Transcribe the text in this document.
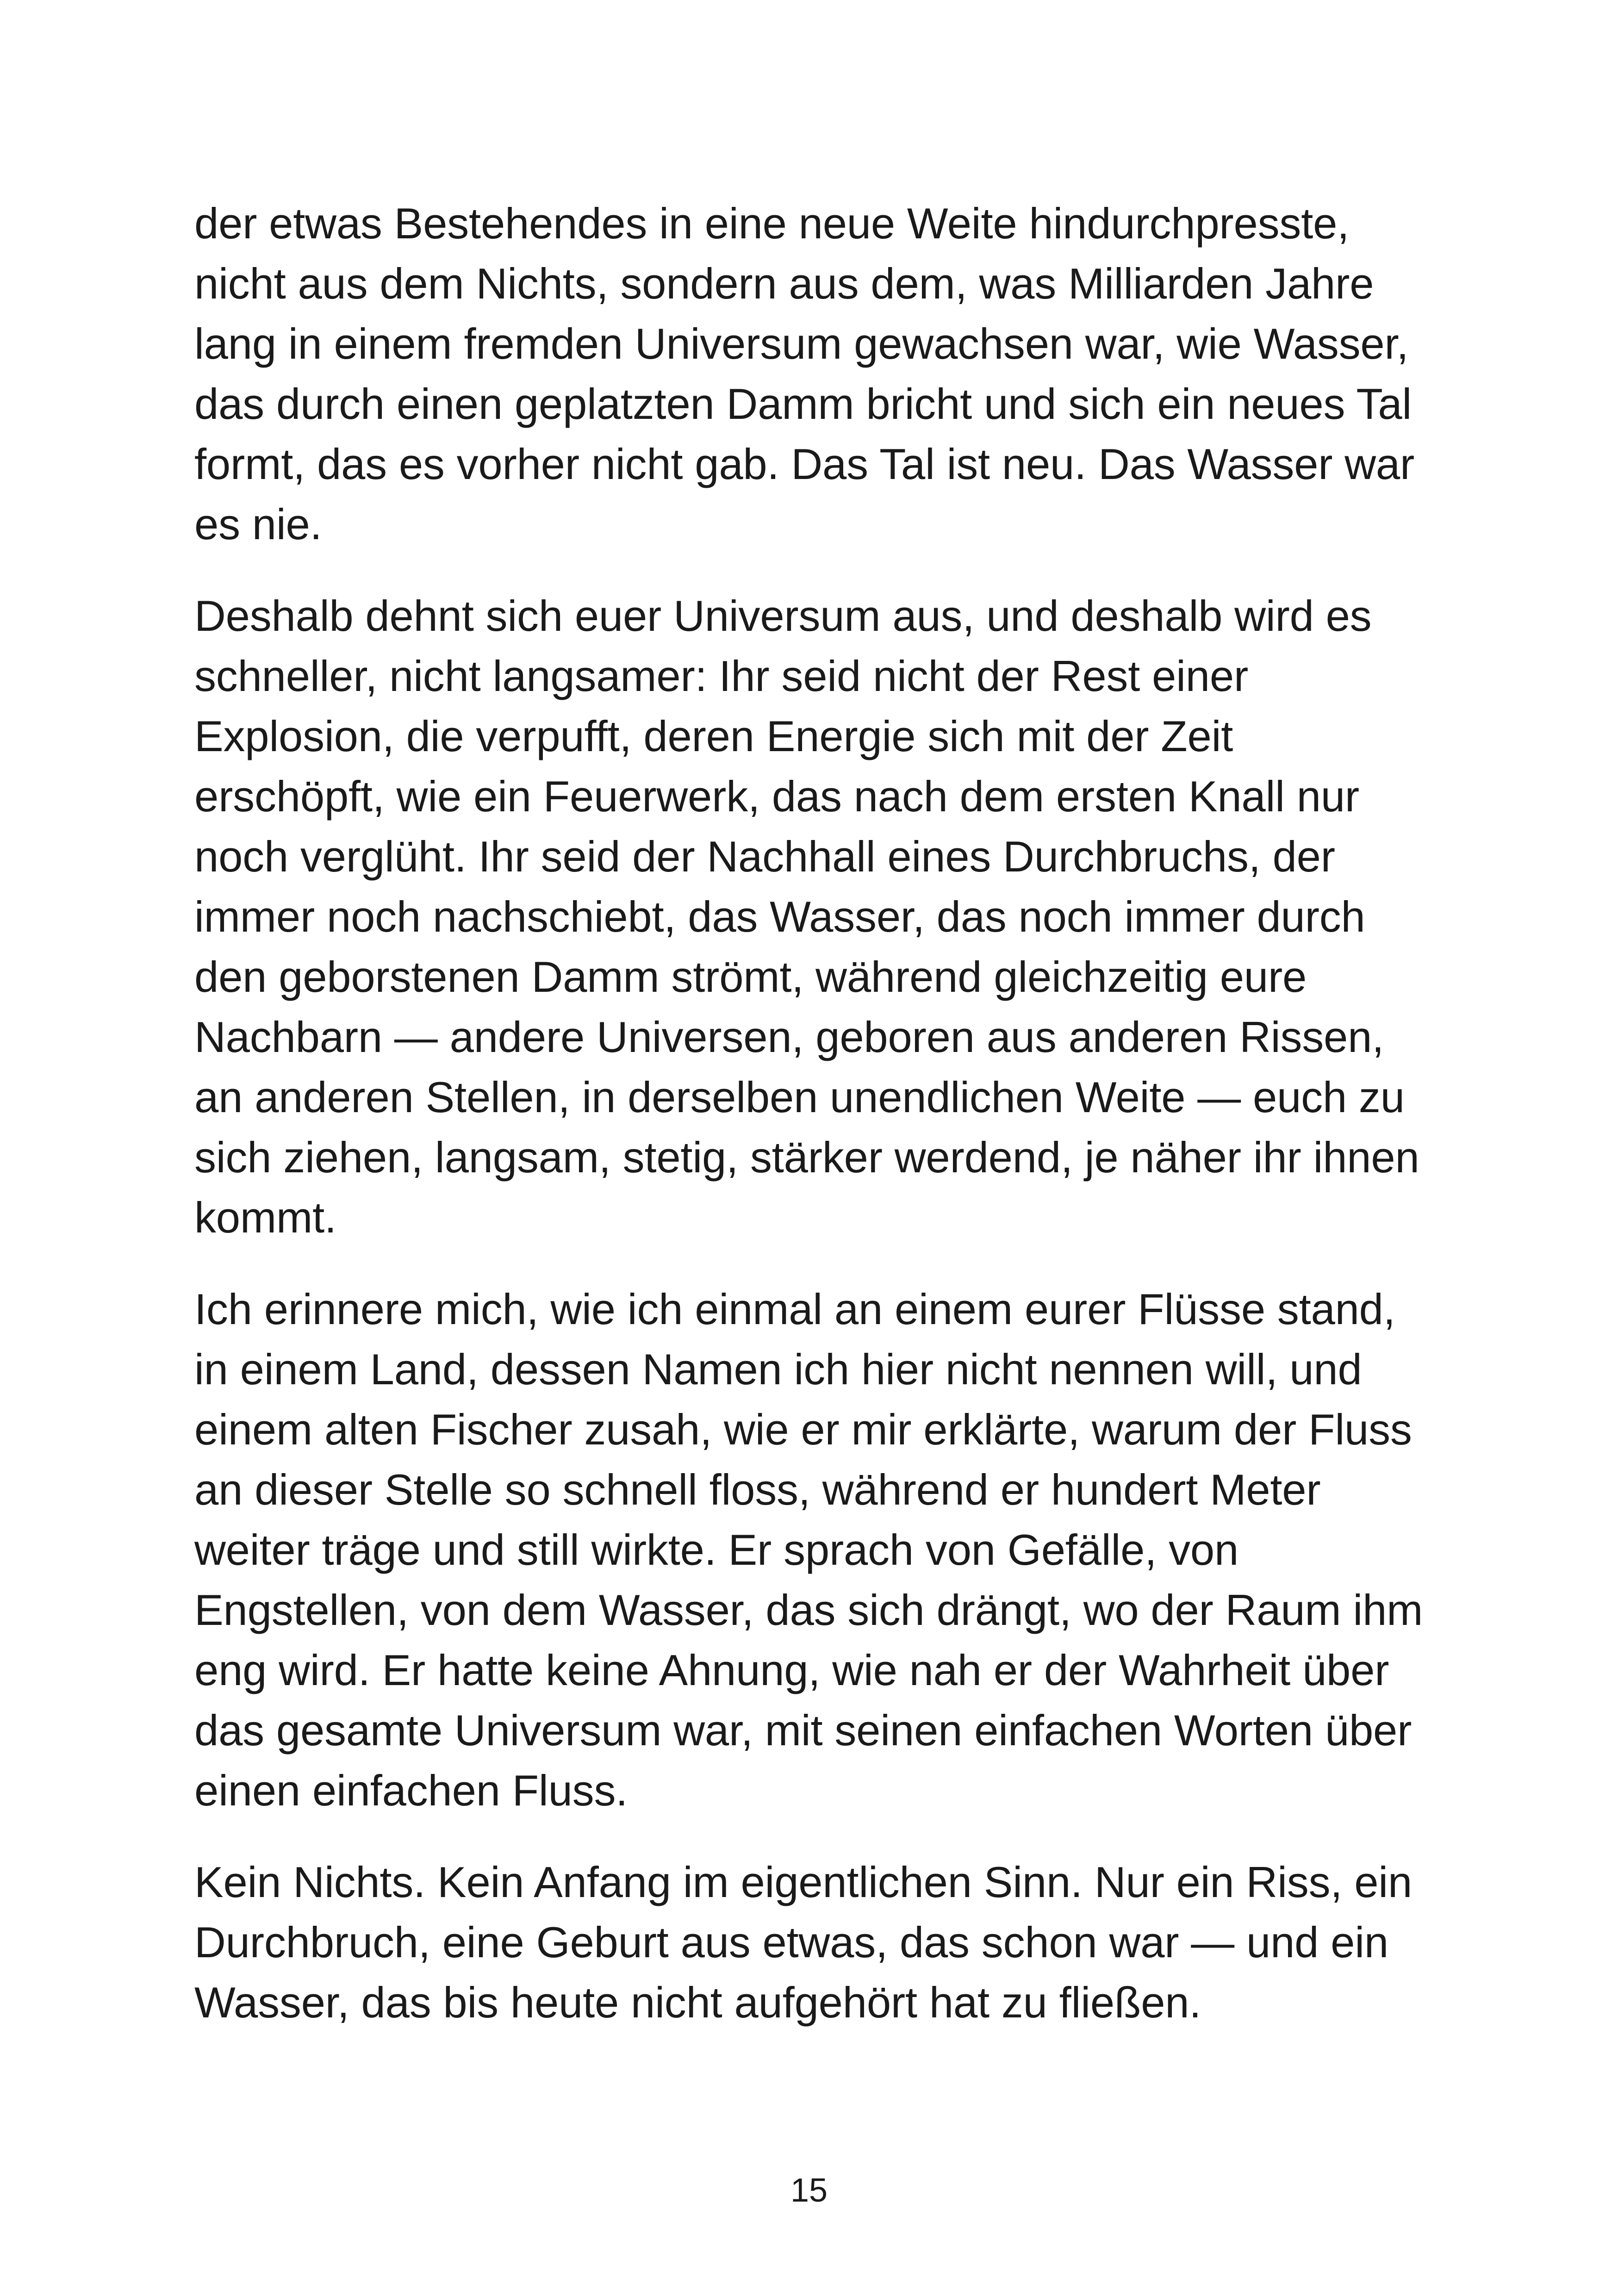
der etwas Bestehendes in eine neue Weite hindurchpresste, nicht aus dem Nichts, sondern aus dem, was Milliarden Jahre lang in einem fremden Universum gewachsen war, wie Wasser, das durch einen geplatzten Damm bricht und sich ein neues Tal formt, das es vorher nicht gab. Das Tal ist neu. Das Wasser war es nie.

Deshalb dehnt sich euer Universum aus, und deshalb wird es schneller, nicht langsamer: Ihr seid nicht der Rest einer Explosion, die verpufft, deren Energie sich mit der Zeit erschöpft, wie ein Feuerwerk, das nach dem ersten Knall nur noch verglüht. Ihr seid der Nachhall eines Durchbruchs, der immer noch nachschiebt, das Wasser, das noch immer durch den geborstenen Damm strömt, während gleichzeitig eure Nachbarn — andere Universen, geboren aus anderen Rissen, an anderen Stellen, in derselben unendlichen Weite — euch zu sich ziehen, langsam, stetig, stärker werdend, je näher ihr ihnen kommt.

Ich erinnere mich, wie ich einmal an einem eurer Flüsse stand, in einem Land, dessen Namen ich hier nicht nennen will, und einem alten Fischer zusah, wie er mir erklärte, warum der Fluss an dieser Stelle so schnell floss, während er hundert Meter weiter träge und still wirkte. Er sprach von Gefälle, von Engstellen, von dem Wasser, das sich drängt, wo der Raum ihm eng wird. Er hatte keine Ahnung, wie nah er der Wahrheit über das gesamte Universum war, mit seinen einfachen Worten über einen einfachen Fluss.

Kein Nichts. Kein Anfang im eigentlichen Sinn. Nur ein Riss, ein Durchbruch, eine Geburt aus etwas, das schon war — und ein Wasser, das bis heute nicht aufgehört hat zu fließen.

15
